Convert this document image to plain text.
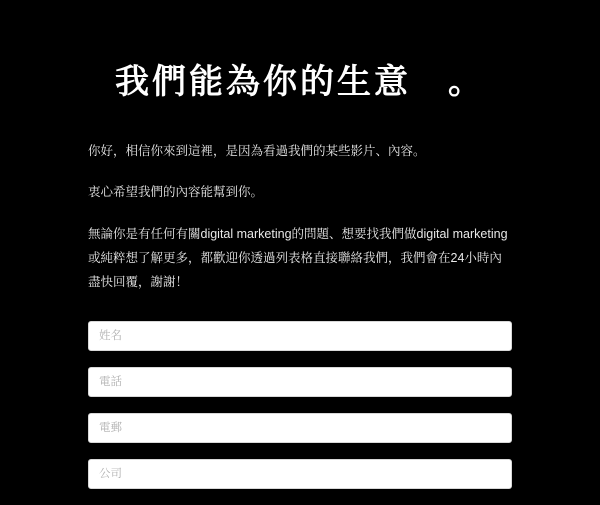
我們能為你的生意　。

你好，相信你來到這裡，是因為看過我們的某些影片、內容。

衷心希望我們的內容能幫到你。

無論你是有任何有關digital marketing的問題、想要找我們做digital marketing或純粹想了解更多，都歡迎你透過列表格直接聯絡我們，我們會在24小時內盡快回覆，謝謝！

姓名
電話
電郵
公司
